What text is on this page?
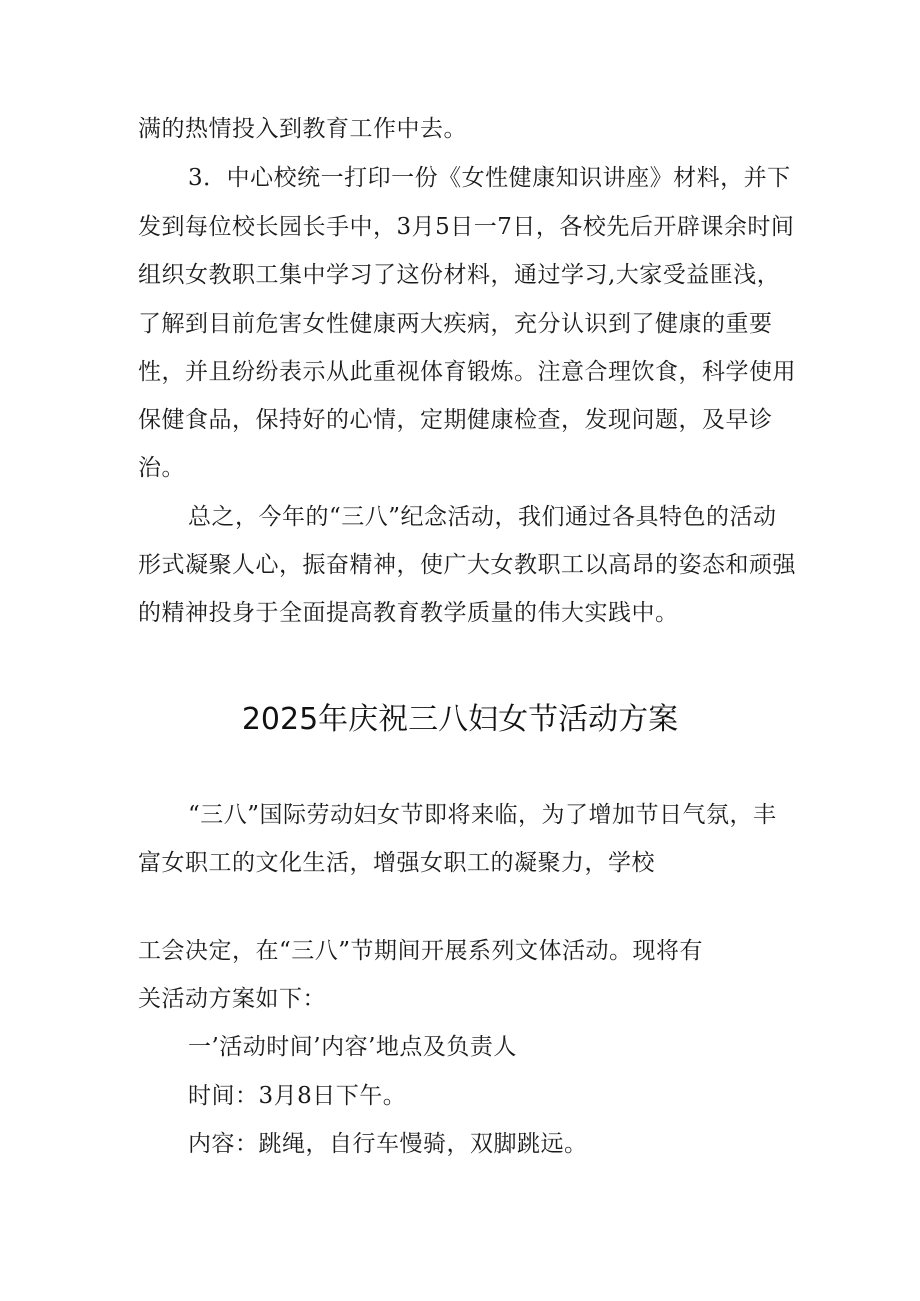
满的热情投入到教育工作中去。
3．中心校统一打印一份《女性健康知识讲座》材料，并下
发到每位校长园长手中，3月5日一7日，各校先后开辟课余时间
组织女教职工集中学习了这份材料，通过学习,大家受益匪浅，
了解到目前危害女性健康两大疾病，充分认识到了健康的重要
性，并且纷纷表示从此重视体育锻炼。注意合理饮食，科学使用
保健食品，保持好的心情，定期健康检查，发现问题，及早诊
治。
总之，今年的“三八”纪念活动，我们通过各具特色的活动
形式凝聚人心，振奋精神，使广大女教职工以高昂的姿态和顽强
的精神投身于全面提高教育教学质量的伟大实践中。
2025年庆祝三八妇女节活动方案
“三八”国际劳动妇女节即将来临，为了增加节日气氛，丰
富女职工的文化生活，增强女职工的凝聚力，学校
工会决定，在“三八”节期间开展系列文体活动。现将有
关活动方案如下：
一’活动时间’内容’地点及负责人
时间：3月8日下午。
内容：跳绳，自行车慢骑，双脚跳远。
